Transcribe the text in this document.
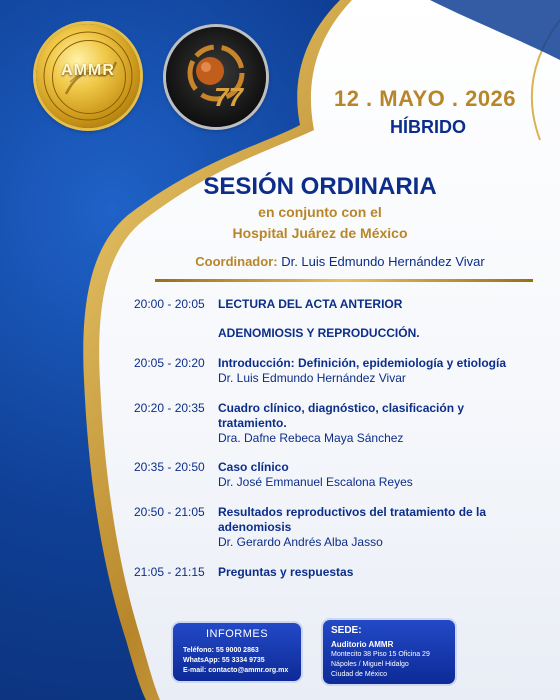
AMMR
77	12 . MAYO . 2026
HÍBRIDO
SESIÓN ORDINARIA
en conjunto con el
Hospital Juárez de México
Coordinador: Dr. Luis Edmundo Hernández Vivar
20:00 - 20:05	LECTURA DEL ACTA ANTERIOR
ADENOMIOSIS Y REPRODUCCIÓN.
20:05 - 20:20	Introducción: Definición, epidemiología y etiología
Dr. Luis Edmundo Hernández Vivar
20:20 - 20:35	Cuadro clínico, diagnóstico, clasificación y tratamiento.
Dra. Dafne Rebeca Maya Sánchez
20:35 - 20:50	Caso clínico
Dr. José Emmanuel Escalona Reyes
20:50 - 21:05	Resultados reproductivos del tratamiento de la adenomiosis
Dr. Gerardo Andrés Alba Jasso
21:05 - 21:15	Preguntas y respuestas
INFORMES
Teléfono: 55 9000 2863
WhatsApp: 55 3334 9735
E-mail: contacto@ammr.org.mx
SEDE:
Auditorio AMMR
Montecito 38 Piso 15 Oficina 29
Nápoles / Miguel Hidalgo
Ciudad de México
